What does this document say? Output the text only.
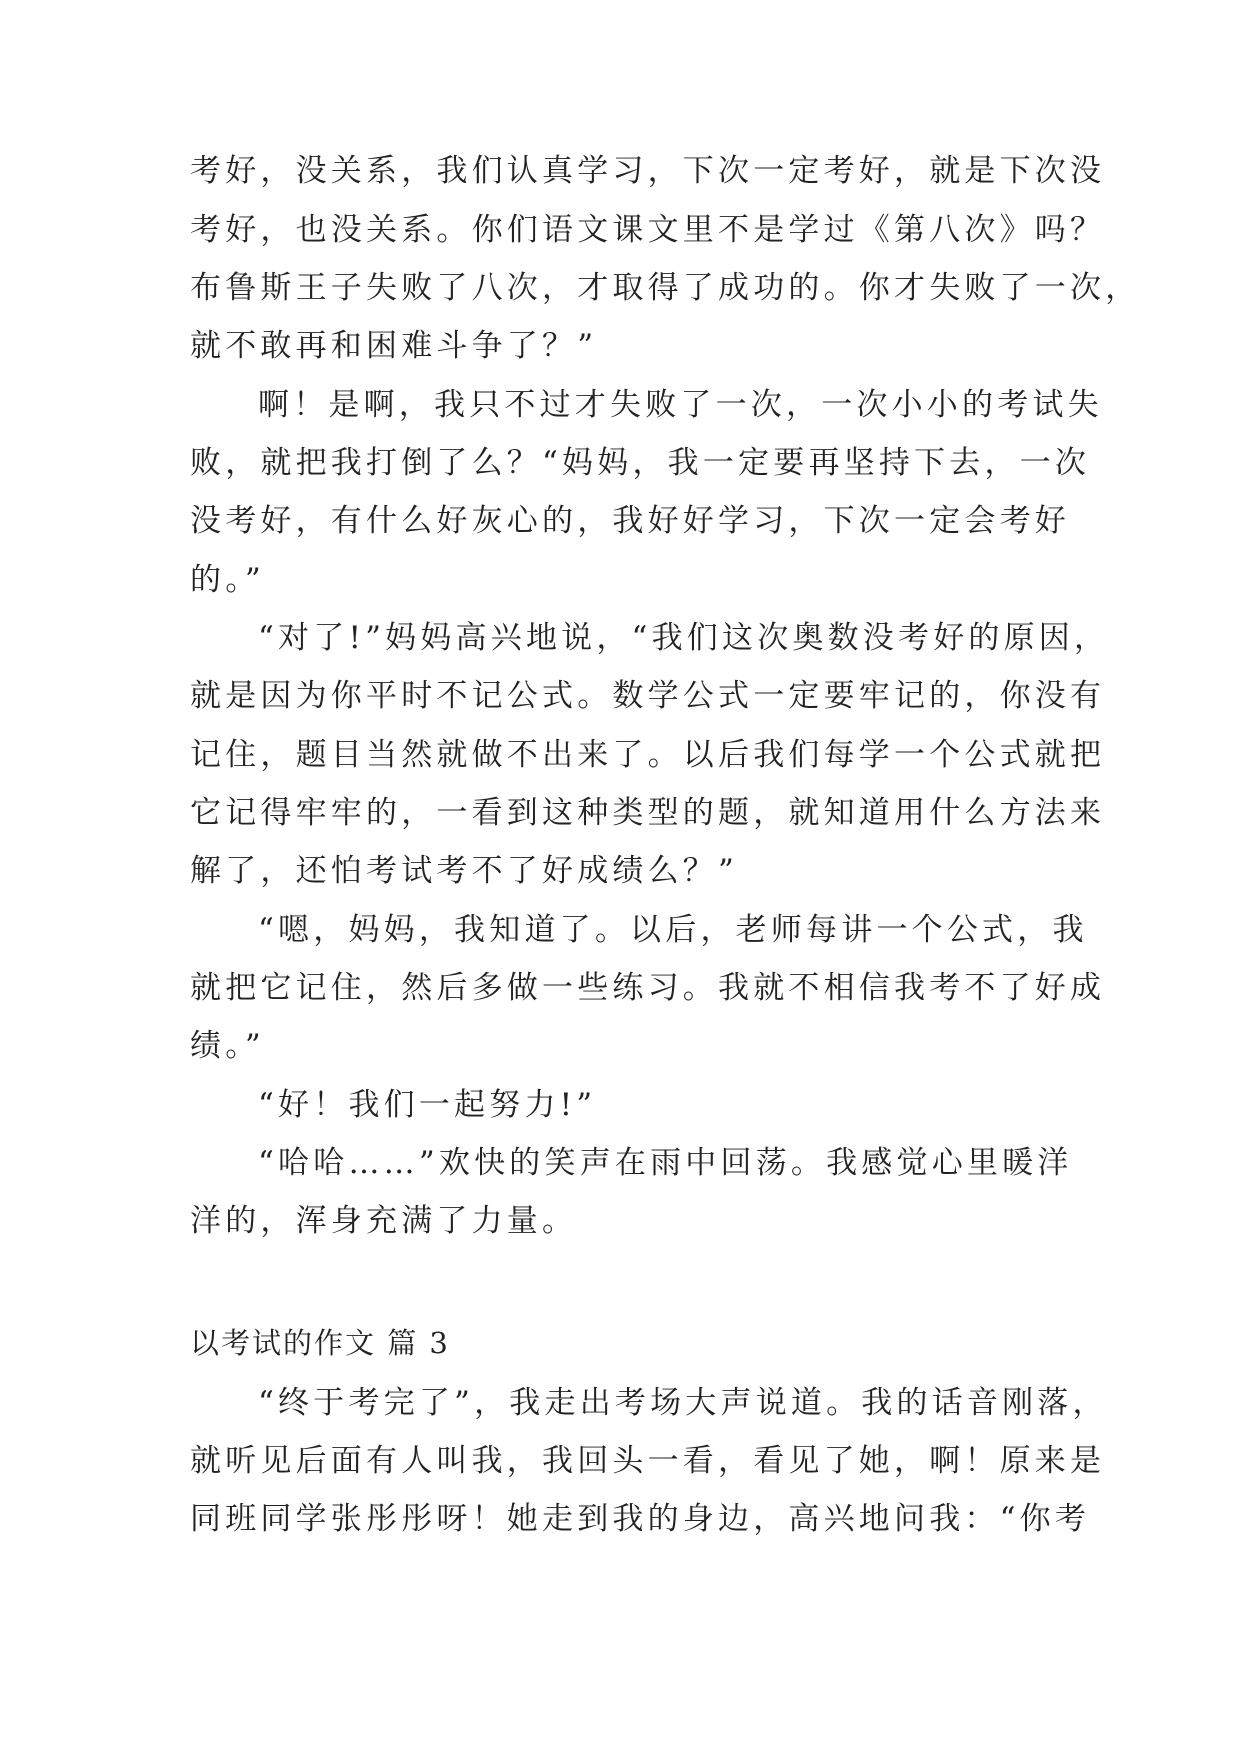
考好，没关系，我们认真学习，下次一定考好，就是下次没
考好，也没关系。你们语文课文里不是学过《第八次》吗？
布鲁斯王子失败了八次，才取得了成功的。你才失败了一次，
就不敢再和困难斗争了？”
啊！是啊，我只不过才失败了一次，一次小小的考试失
败，就把我打倒了么？“妈妈，我一定要再坚持下去，一次
没考好，有什么好灰心的，我好好学习，下次一定会考好
的。”
“对了!”妈妈高兴地说，“我们这次奥数没考好的原因，
就是因为你平时不记公式。数学公式一定要牢记的，你没有
记住，题目当然就做不出来了。以后我们每学一个公式就把
它记得牢牢的，一看到这种类型的题，就知道用什么方法来
解了，还怕考试考不了好成绩么？”
“嗯，妈妈，我知道了。以后，老师每讲一个公式，我
就把它记住，然后多做一些练习。我就不相信我考不了好成
绩。”
“好！我们一起努力!”
“哈哈……”欢快的笑声在雨中回荡。我感觉心里暖洋
洋的，浑身充满了力量。
以考试的作文 篇 3
“终于考完了”，我走出考场大声说道。我的话音刚落，
就听见后面有人叫我，我回头一看，看见了她，啊！原来是
同班同学张彤彤呀！她走到我的身边，高兴地问我：“你考
